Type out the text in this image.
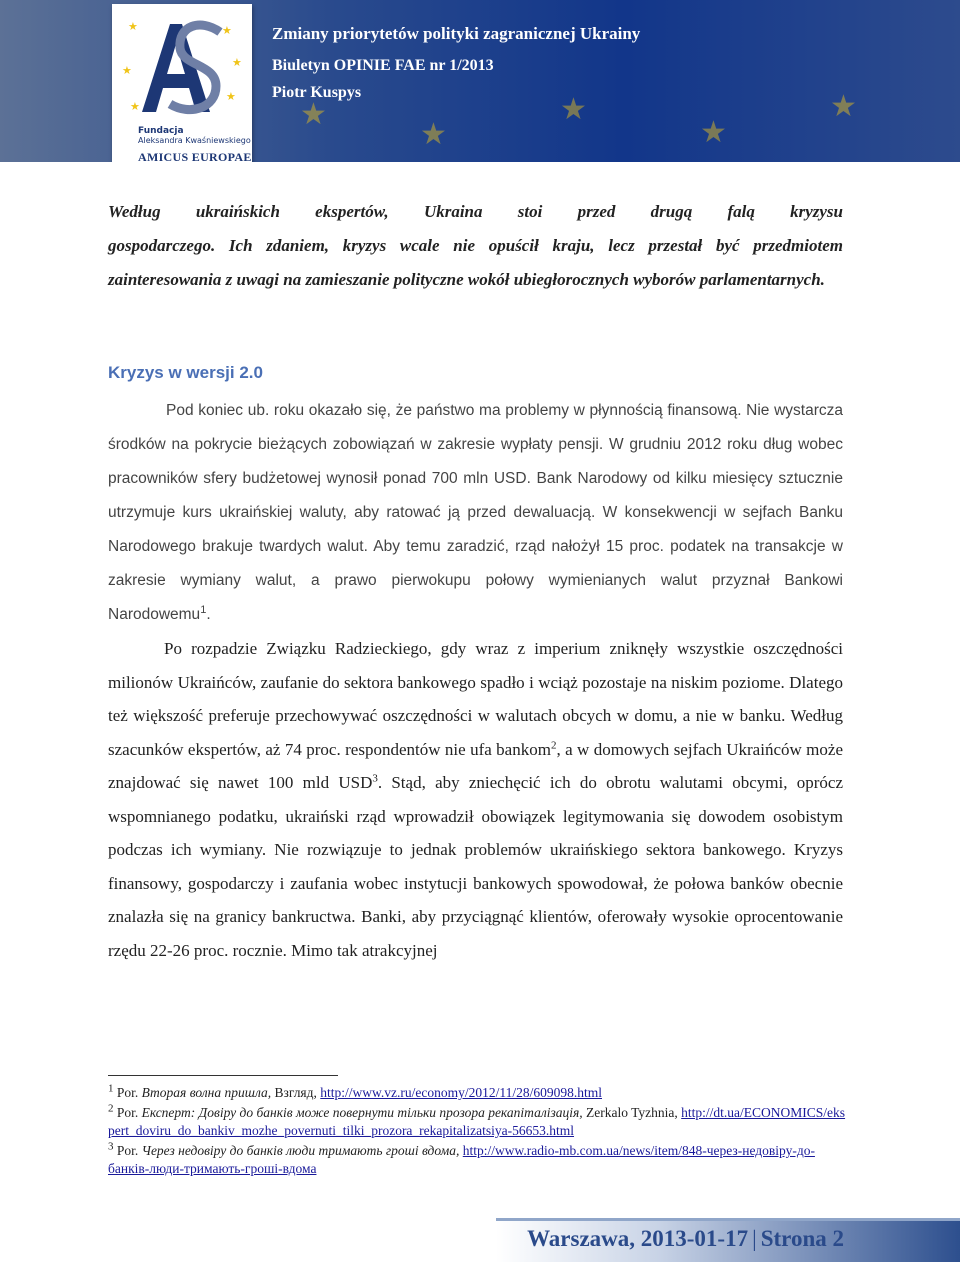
★
★
★
★
★
★	★
★
★
★
★
Fundacja
Aleksandra Kwaśniewskiego
AMICUS EUROPAE
Zmiany priorytetów polityki zagranicznej Ukrainy
Biuletyn OPINIE FAE nr 1/2013
Piotr Kuspys

Według ukraińskich ekspertów, Ukraina stoi przed drugą falą kryzysu
gospodarczego. Ich zdaniem, kryzys wcale nie opuścił kraju, lecz przestał być przedmiotem zainteresowania z uwagi na zamieszanie polityczne wokół ubiegłorocznych wyborów parlamentarnych.

Kryzys w wersji 2.0

Pod koniec ub. roku okazało się, że państwo ma problemy w płynnością finansową. Nie wystarcza środków na pokrycie bieżących zobowiązań w zakresie wypłaty pensji. W grudniu 2012 roku dług wobec pracowników sfery budżetowej wynosił ponad 700 mln USD. Bank Narodowy od kilku miesięcy sztucznie utrzymuje kurs ukraińskiej waluty, aby ratować ją przed dewaluacją. W konsekwencji w sejfach Banku Narodowego brakuje twardych walut. Aby temu zaradzić, rząd nałożył 15 proc. podatek na transakcje w zakresie wymiany walut, a prawo pierwokupu połowy wymienianych walut przyznał Bankowi Narodowemu$^1$.

Po rozpadzie Związku Radzieckiego, gdy wraz z imperium zniknęły wszystkie oszczędności milionów Ukraińców, zaufanie do sektora bankowego spadło i wciąż pozostaje na niskim poziome. Dlatego też większość preferuje przechowywać oszczędności w walutach obcych w domu, a nie w banku. Według szacunków ekspertów, aż 74 proc. respondentów nie ufa bankom$^2$, a w domowych sejfach Ukraińców może znajdować się nawet 100 mld USD$^3$. Stąd, aby zniechęcić ich do obrotu walutami obcymi, oprócz wspomnianego podatku, ukraiński rząd wprowadził obowiązek legitymowania się dowodem osobistym podczas ich wymiany. Nie rozwiązuje to jednak problemów ukraińskiego sektora bankowego. Kryzys finansowy, gospodarczy i zaufania wobec instytucji bankowych spowodował, że połowa banków obecnie znalazła się na granicy bankructwa. Banki, aby przyciągnąć klientów, oferowały wysokie oprocentowanie rzędu 22-26 proc. rocznie. Mimo tak atrakcyjnej

$^1$ Por. Вторая волна пришла, Взгляд, http://www.vz.ru/economy/2012/11/28/609098.html

$^2$ Por. Експерт: Довіру до банків може повернути тільки прозора рекапіталізація, Zerkalo Tyzhnia, http://dt.ua/ECONOMICS/ekspert_doviru_do_bankiv_mozhe_povernuti_tilki_prozora_rekapitalizatsiya-56653.html

$^3$ Por. Через недовіру до банків люди тримають гроші вдома, http://www.radio-mb.com.ua/news/item/848-через-недовіру-до-банків-люди-тримають-гроші-вдома

Warszawa, 2013-01-17 | Strona 2
